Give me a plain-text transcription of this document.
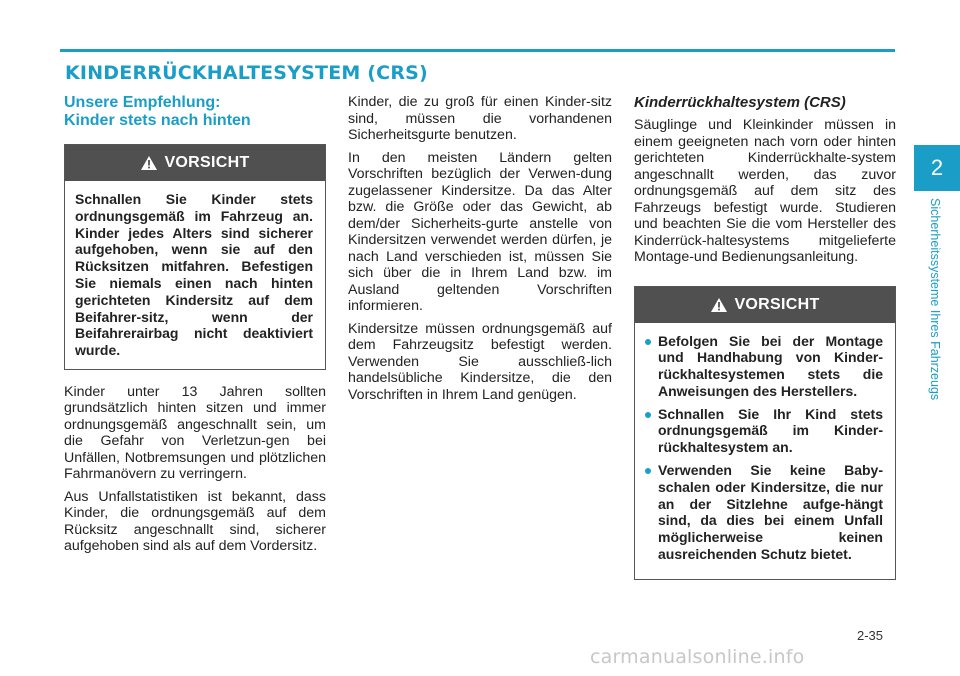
KINDERRÜCKHALTESYSTEM (CRS)
2
Sicherheitssysteme Ihres Fahrzeugs
Unsere Empfehlung:
Kinder stets nach hinten
VORSICHT
Schnallen Sie Kinder stets ordnungsgemäß im Fahrzeug an. Kinder jedes Alters sind sicherer aufgehoben, wenn sie auf den Rücksitzen mitfahren. Befestigen Sie niemals einen nach hinten gerichteten Kindersitz auf dem Beifahrer-sitz, wenn der Beifahrerairbag nicht deaktiviert wurde.

Kinder unter 13 Jahren sollten grundsätzlich hinten sitzen und immer ordnungsgemäß angeschnallt sein, um die Gefahr von Verletzun-gen bei Unfällen, Notbremsungen und plötzlichen Fahrmanövern zu verringern.

Aus Unfallstatistiken ist bekannt, dass Kinder, die ordnungsgemäß auf dem Rücksitz angeschnallt sind, sicherer aufgehoben sind als auf dem Vordersitz.

Kinder, die zu groß für einen Kinder-sitz sind, müssen die vorhandenen Sicherheitsgurte benutzen.

In den meisten Ländern gelten Vorschriften bezüglich der Verwen-dung zugelassener Kindersitze. Da das Alter bzw. die Größe oder das Gewicht, ab dem/der Sicherheits-gurte anstelle von Kindersitzen verwendet werden dürfen, je nach Land verschieden ist, müssen Sie sich über die in Ihrem Land bzw. im Ausland geltenden Vorschriften informieren.

Kindersitze müssen ordnungsgemäß auf dem Fahrzeugsitz befestigt werden. Verwenden Sie ausschließ-lich handelsübliche Kindersitze, die den Vorschriften in Ihrem Land genügen.

Kinderrückhaltesystem (CRS)

Säuglinge und Kleinkinder müssen in einem geeigneten nach vorn oder hinten gerichteten Kinderrückhalte-system angeschnallt werden, das zuvor ordnungsgemäß auf dem sitz des Fahrzeugs befestigt wurde. Studieren und beachten Sie die vom Hersteller des Kinderrück-haltesystems mitgelieferte Montage-und Bedienungsanleitung.

VORSICHT
Befolgen Sie bei der Montage und Handhabung von Kinder-rückhaltesystemen stets die Anweisungen des Herstellers.
Schnallen Sie Ihr Kind stets ordnungsgemäß im Kinder-rückhaltesystem an.
Verwenden Sie keine Baby-schalen oder Kindersitze, die nur an der Sitzlehne aufge-hängt sind, da dies bei einem Unfall möglicherweise keinen ausreichenden Schutz bietet.
2-35
carmanualsonline.info
